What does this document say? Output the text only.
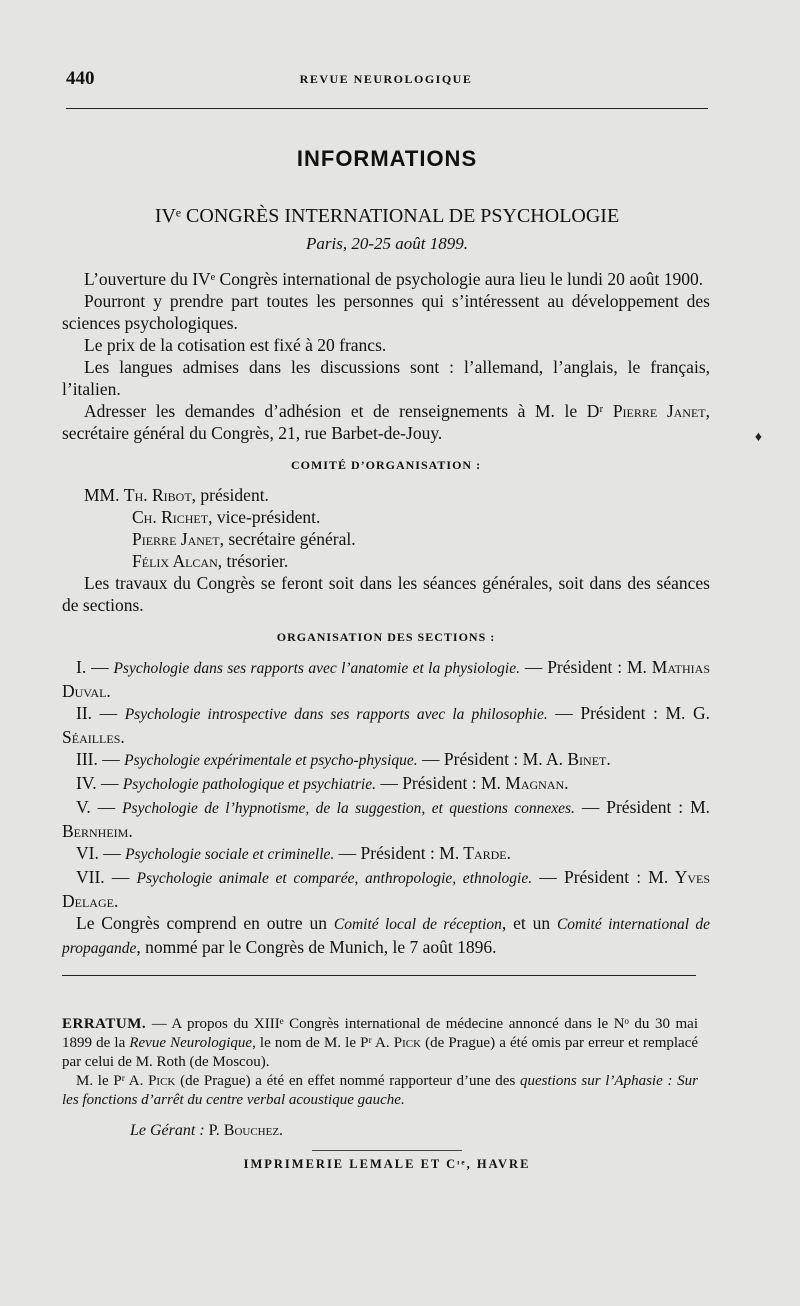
440	REVUE NEUROLOGIQUE
INFORMATIONS
IVᵉ CONGRÈS INTERNATIONAL DE PSYCHOLOGIE
Paris, 20-25 août 1899.

L’ouverture du IVᵉ Congrès international de psychologie aura lieu le lundi 20 août 1900.

Pourront y prendre part toutes les personnes qui s’intéressent au développement des sciences psychologiques.

Le prix de la cotisation est fixé à 20 francs.

Les langues admises dans les discussions sont : l’allemand, l’anglais, le français, l’italien.

Adresser les demandes d’adhésion et de renseignements à M. le Dʳ Pierre Janet, secrétaire général du Congrès, 21, rue Barbet-de-Jouy.

COMITÉ D’ORGANISATION :
MM. Th. Ribot, président.
Ch. Richet, vice-président.
Pierre Janet, secrétaire général.
Félix Alcan, trésorier.

Les travaux du Congrès se feront soit dans les séances générales, soit dans des séances de sections.

ORGANISATION DES SECTIONS :

I. — Psychologie dans ses rapports avec l’anatomie et la physiologie. — Président : M. Mathias Duval.

II. — Psychologie introspective dans ses rapports avec la philosophie. — Président : M. G. Séailles.

III. — Psychologie expérimentale et psycho-physique. — Président : M. A. Binet.

IV. — Psychologie pathologique et psychiatrie. — Président : M. Magnan.

V. — Psychologie de l’hypnotisme, de la suggestion, et questions connexes. — Président : M. Bernheim.

VI. — Psychologie sociale et criminelle. — Président : M. Tarde.

VII. — Psychologie animale et comparée, anthropologie, ethnologie. — Président : M. Yves Delage.

Le Congrès comprend en outre un Comité local de réception, et un Comité international de propagande, nommé par le Congrès de Munich, le 7 août 1896.

ERRATUM. — A propos du XIIIᵉ Congrès international de médecine annoncé dans le Nᵒ du 30 mai 1899 de la Revue Neurologique, le nom de M. le Pʳ A. Pick (de Prague) a été omis par erreur et remplacé par celui de M. Roth (de Moscou).

M. le Pʳ A. Pick (de Prague) a été en effet nommé rapporteur d’une des questions sur l’Aphasie : Sur les fonctions d’arrêt du centre verbal acoustique gauche.

Le Gérant : P. Bouchez.
IMPRIMERIE LEMALE ET Cᶦᵉ, HAVRE
♦
